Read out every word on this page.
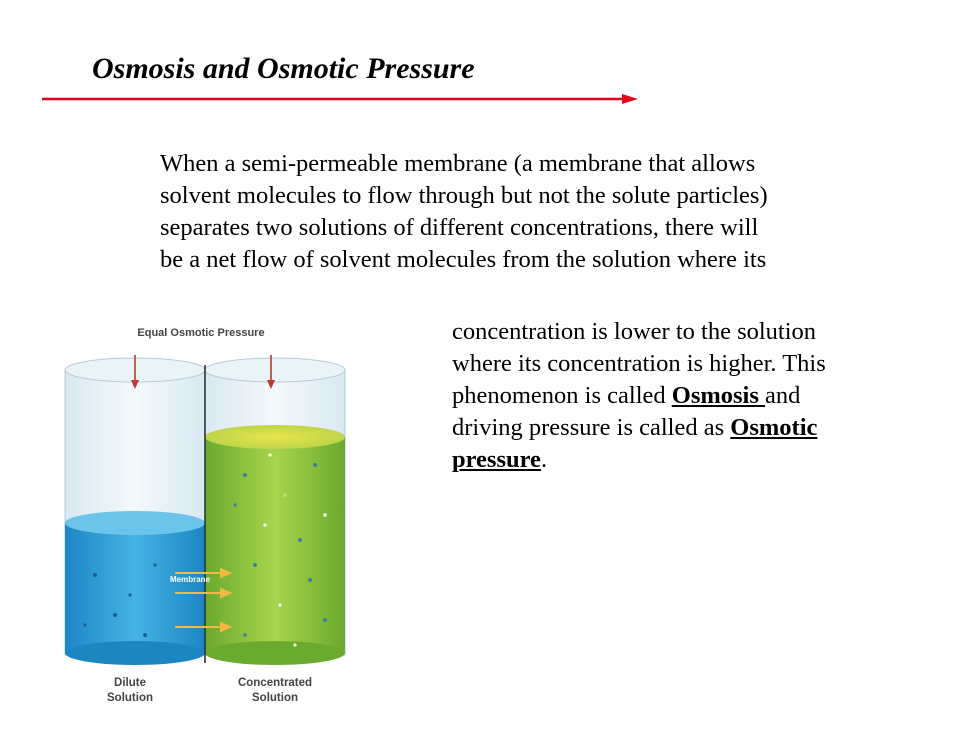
Osmosis and Osmotic Pressure

When a semi-permeable membrane (a membrane that allows
solvent molecules to flow through but not the solute particles)
separates two solutions of different concentrations, there will
be a net flow of solvent molecules from the solution where its

concentration is lower to the solution
where its concentration is higher. This
phenomenon is called Osmosis and
driving pressure is called as Osmotic
pressure.

Equal Osmotic Pressure
Membrane
Dilute
Solution
Concentrated
Solution
